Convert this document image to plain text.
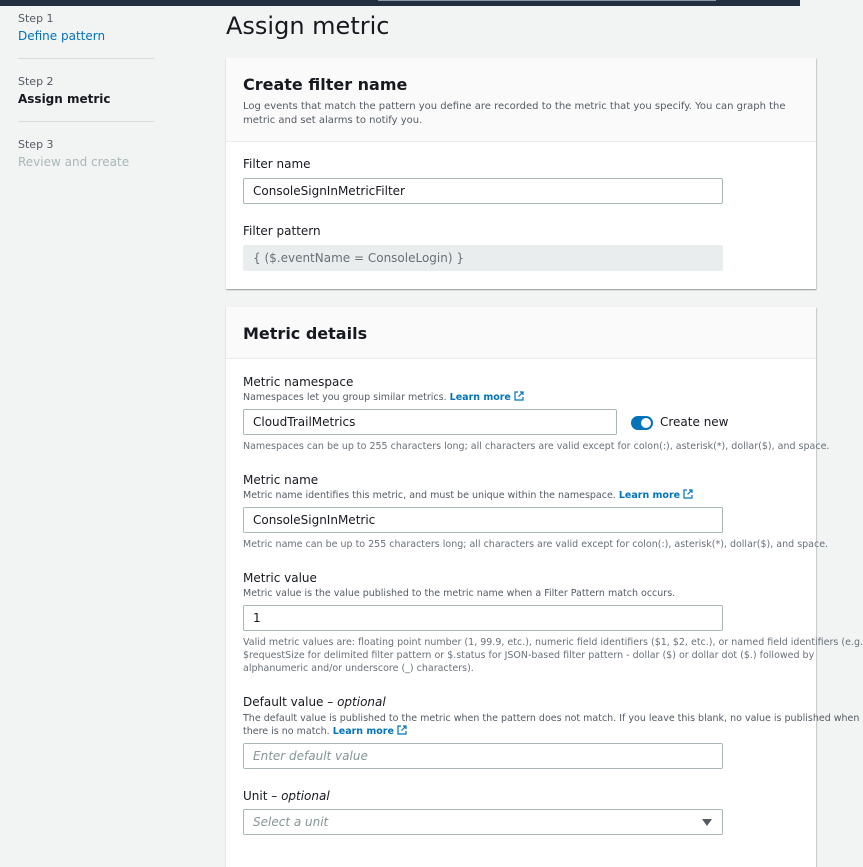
Step 1
Define pattern
Step 2
Assign metric
Step 3
Review and create
Assign metric
Create filter name
Log events that match the pattern you define are recorded to the metric that you specify. You can graph the metric and set alarms to notify you.
Filter name
ConsoleSignInMetricFilter
Filter pattern
{ ($.eventName = ConsoleLogin) }
Metric details
Metric namespace
Namespaces let you group similar metrics. Learn more
CloudTrailMetrics
Create new
Namespaces can be up to 255 characters long; all characters are valid except for colon(:), asterisk(*), dollar($), and space.
Metric name
Metric name identifies this metric, and must be unique within the namespace. Learn more
ConsoleSignInMetric
Metric name can be up to 255 characters long; all characters are valid except for colon(:), asterisk(*), dollar($), and space.
Metric value
Metric value is the value published to the metric name when a Filter Pattern match occurs.
1
Valid metric values are: floating point number (1, 99.9, etc.), numeric field identifiers ($1, $2, etc.), or named field identifiers (e.g.
$requestSize for delimited filter pattern or $.status for JSON-based filter pattern - dollar ($) or dollar dot ($.) followed by
alphanumeric and/or underscore (_) characters).
Default value – optional
The default value is published to the metric when the pattern does not match. If you leave this blank, no value is published when
there is no match. Learn more
Enter default value
Unit – optional
Select a unit
